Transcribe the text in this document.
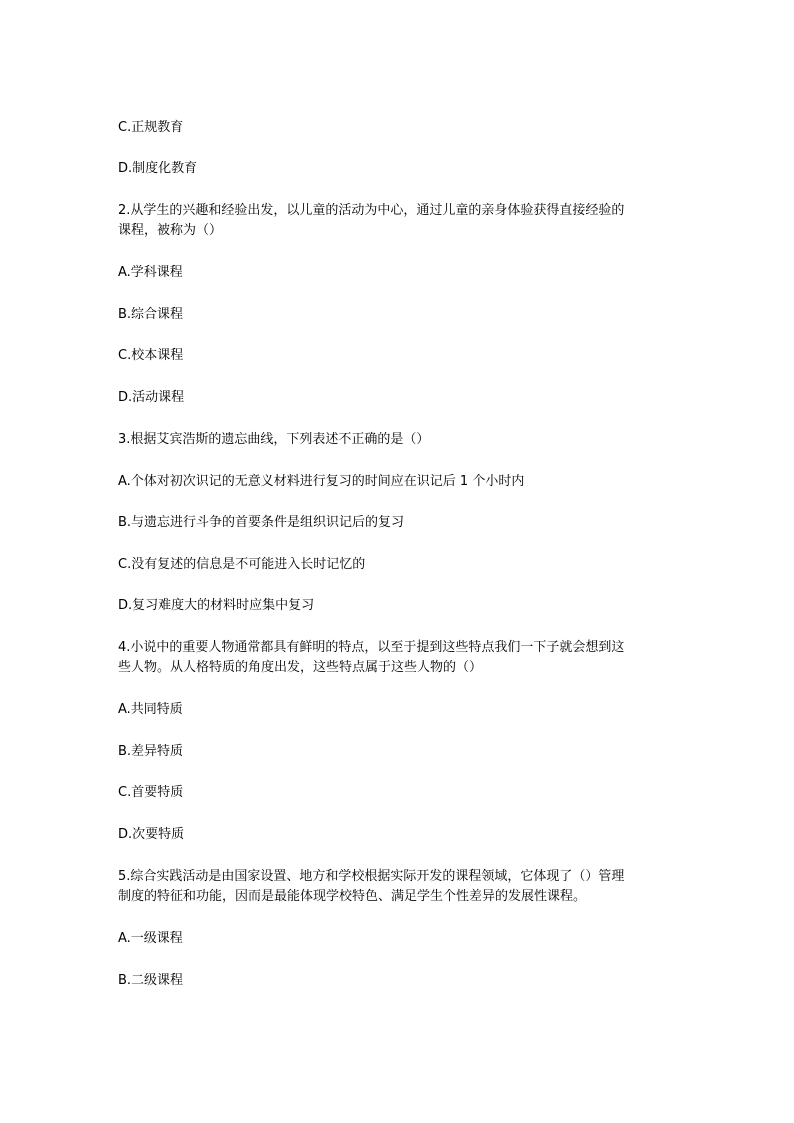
C.正规教育
D.制度化教育
2.从学生的兴趣和经验出发，以儿童的活动为中心，通过儿童的亲身体验获得直接经验的
课程，被称为（）
A.学科课程
B.综合课程
C.校本课程
D.活动课程
3.根据艾宾浩斯的遗忘曲线，下列表述不正确的是（）
A.个体对初次识记的无意义材料进行复习的时间应在识记后 1 个小时内
B.与遗忘进行斗争的首要条件是组织识记后的复习
C.没有复述的信息是不可能进入长时记忆的
D.复习难度大的材料时应集中复习
4.小说中的重要人物通常都具有鲜明的特点，以至于提到这些特点我们一下子就会想到这
些人物。从人格特质的角度出发，这些特点属于这些人物的（）
A.共同特质
B.差异特质
C.首要特质
D.次要特质
5.综合实践活动是由国家设置、地方和学校根据实际开发的课程领域，它体现了（）管理
制度的特征和功能，因而是最能体现学校特色、满足学生个性差异的发展性课程。
A.一级课程
B.二级课程
